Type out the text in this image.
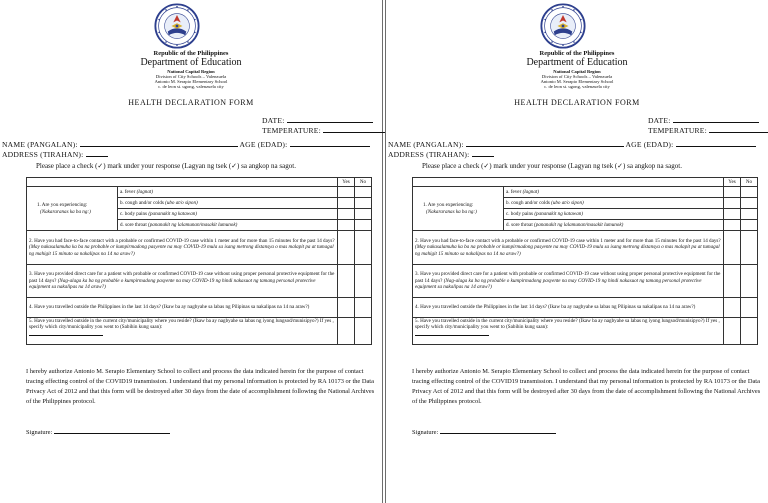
Republic of the Philippines
Department of Education
National Capital Region
Division of City Schools – Valenzuela
Antonio M. Serapio Elementary School
c. de leon st. ugong, valenzuela city
HEALTH DECLARATION FORM
DATE:
TEMPERATURE:
NAME (PANGALAN):	AGE (EDAD):
ADDRESS (TIRAHAN):
Please place a check (✓) mark under your response (Lagyan ng tsek (✓) sa angkop na sagot.
		Yes	No

1. Are you experiencing:
(Nakararanas ka ba ng:)	a. fever (lagnat)		
	b. cough and/or colds (ubo at/o sipon)		
	c. body pains (pananakit ng katawan)		
	d. sore throat (pananakit ng lalamunan/masakit lumunok)		
2. Have you had face-to-face contact with a probable or confirmed COVID-19 case within 1 meter and for more than 15 minutes for the past 14 days? (May nakasalamuha ka ba na probable or kumpirmadong pasyente na may COVID-19 mula sa isang metrong distansya o mas malapit pa at tumagal ng mahigit 15 minuto sa nakalipas na 14 na araw?)			
3. Have you provided direct care for a patient with probable or confirmed COVID-19 case without using proper personal protective equipment for the past 14 days? (Nag-alaga ka ba ng probable o kumpirmadong pasyente na may COVID-19 ng hindi nakasuot ng tamang personal protective equipment sa nakalipas na 14 araw?)			
4. Have you travelled outside the Philippines in the last 14 days? (Ikaw ba ay nagbyahe sa labas ng Pilipinas sa nakalipas na 14 na araw?)			

5. Have you travelled outside in the current city/municipality where you reside? (Ikaw ba ay nagbyahe sa labas ng iyong lungsod/munisipyo?) If yes , specify which city/municipality you went to (Sabihin kung saan):			

I hereby authorize Antonio M. Serapio Elementary School to collect and process the data indicated herein for the purpose of contact tracing effecting control of the COVID19 transmission. I understand that my personal information is protected by RA 10173 or the Data Privacy Act of 2012 and that this form will be destroyed after 30 days from the date of accomplishment following the National Archives of the Philippines protocol.
Signature:
Republic of the Philippines
Department of Education
National Capital Region
Division of City Schools – Valenzuela
Antonio M. Serapio Elementary School
c. de leon st. ugong, valenzuela city
HEALTH DECLARATION FORM
DATE:
TEMPERATURE:
NAME (PANGALAN):	AGE (EDAD):
ADDRESS (TIRAHAN):
Please place a check (✓) mark under your response (Lagyan ng tsek (✓) sa angkop na sagot.
		Yes	No

1. Are you experiencing:
(Nakararanas ka ba ng:)	a. fever (lagnat)		
	b. cough and/or colds (ubo at/o sipon)		
	c. body pains (pananakit ng katawan)		
	d. sore throat (pananakit ng lalamunan/masakit lumunok)		
2. Have you had face-to-face contact with a probable or confirmed COVID-19 case within 1 meter and for more than 15 minutes for the past 14 days? (May nakasalamuha ka ba na probable or kumpirmadong pasyente na may COVID-19 mula sa isang metrong distansya o mas malapit pa at tumagal ng mahigit 15 minuto sa nakalipas na 14 na araw?)			
3. Have you provided direct care for a patient with probable or confirmed COVID-19 case without using proper personal protective equipment for the past 14 days? (Nag-alaga ka ba ng probable o kumpirmadong pasyente na may COVID-19 ng hindi nakasuot ng tamang personal protective equipment sa nakalipas na 14 araw?)			
4. Have you travelled outside the Philippines in the last 14 days? (Ikaw ba ay nagbyahe sa labas ng Pilipinas sa nakalipas na 14 na araw?)			

5. Have you travelled outside in the current city/municipality where you reside? (Ikaw ba ay nagbyahe sa labas ng iyong lungsod/munisipyo?) If yes , specify which city/municipality you went to (Sabihin kung saan):			

I hereby authorize Antonio M. Serapio Elementary School to collect and process the data indicated herein for the purpose of contact tracing effecting control of the COVID19 transmission. I understand that my personal information is protected by RA 10173 or the Data Privacy Act of 2012 and that this form will be destroyed after 30 days from the date of accomplishment following the National Archives of the Philippines protocol.
Signature:
